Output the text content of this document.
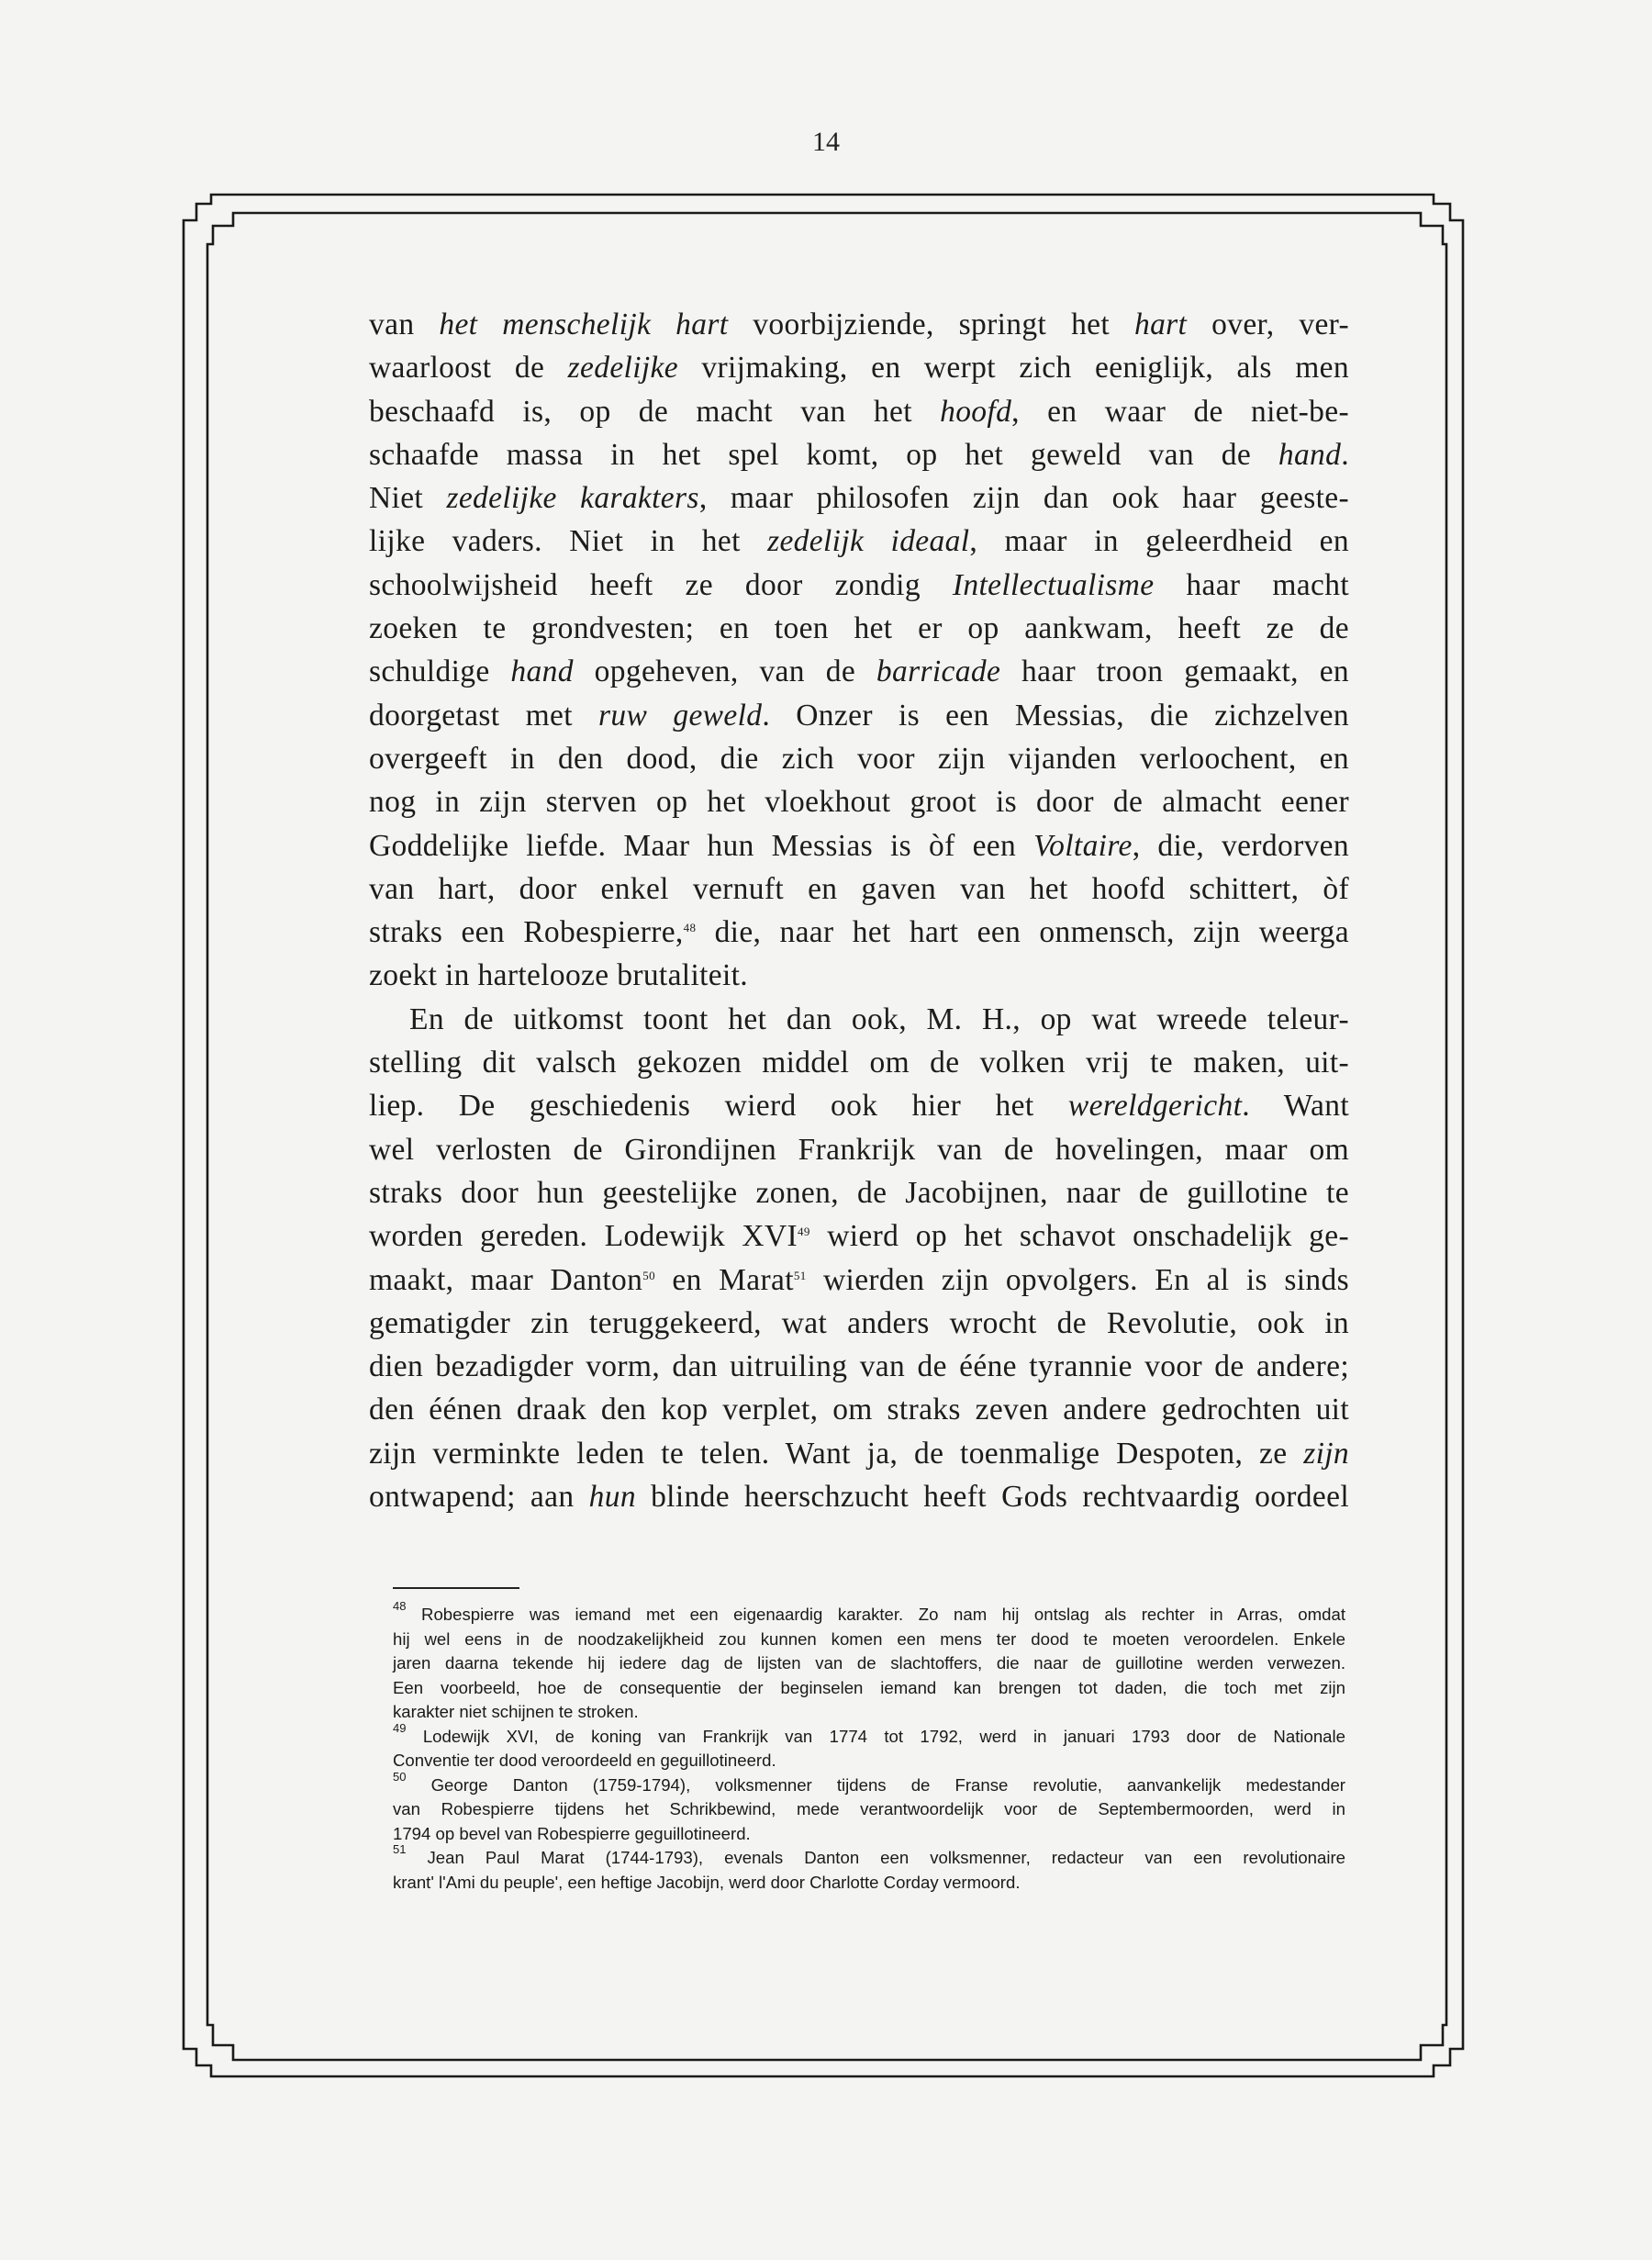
14
van het menschelijk hart voorbijziende, springt het hart over, ver-
waarloost de zedelijke vrijmaking, en werpt zich eeniglijk, als men
beschaafd is, op de macht van het hoofd, en waar de niet-be-
schaafde massa in het spel komt, op het geweld van de hand.
Niet zedelijke karakters, maar philosofen zijn dan ook haar geeste-
lijke vaders. Niet in het zedelijk ideaal, maar in geleerdheid en
schoolwijsheid heeft ze door zondig Intellectualisme haar macht
zoeken te grondvesten; en toen het er op aankwam, heeft ze de
schuldige hand opgeheven, van de barricade haar troon gemaakt, en
doorgetast met ruw geweld. Onzer is een Messias, die zichzelven
overgeeft in den dood, die zich voor zijn vijanden verloochent, en
nog in zijn sterven op het vloekhout groot is door de almacht eener
Goddelijke liefde. Maar hun Messias is òf een Voltaire, die, verdorven
van hart, door enkel vernuft en gaven van het hoofd schittert, òf
straks een Robespierre,$^{48}$ die, naar het hart een onmensch, zijn weerga
zoekt in hartelooze brutaliteit.
En de uitkomst toont het dan ook, M. H., op wat wreede teleur-
stelling dit valsch gekozen middel om de volken vrij te maken, uit-
liep. De geschiedenis wierd ook hier het wereldgericht. Want
wel verlosten de Girondijnen Frankrijk van de hovelingen, maar om
straks door hun geestelijke zonen, de Jacobijnen, naar de guillotine te
worden gereden. Lodewijk XVI$^{49}$ wierd op het schavot onschadelijk ge-
maakt, maar Danton$^{50}$ en Marat$^{51}$ wierden zijn opvolgers. En al is sinds
gematigder zin teruggekeerd, wat anders wrocht de Revolutie, ook in
dien bezadigder vorm, dan uitruiling van de ééne tyrannie voor de andere;
den éénen draak den kop verplet, om straks zeven andere gedrochten uit
zijn verminkte leden te telen. Want ja, de toenmalige Despoten, ze zijn
ontwapend; aan hun blinde heerschzucht heeft Gods rechtvaardig oordeel
$^{48}$ Robespierre was iemand met een eigenaardig karakter. Zo nam hij ontslag als rechter in Arras, omdat
hij wel eens in de noodzakelijkheid zou kunnen komen een mens ter dood te moeten veroordelen. Enkele
jaren daarna tekende hij iedere dag de lijsten van de slachtoffers, die naar de guillotine werden verwezen.
Een voorbeeld, hoe de consequentie der beginselen iemand kan brengen tot daden, die toch met zijn
karakter niet schijnen te stroken.
$^{49}$ Lodewijk XVI, de koning van Frankrijk van 1774 tot 1792, werd in januari 1793 door de Nationale
Conventie ter dood veroordeeld en geguillotineerd.
$^{50}$ George Danton (1759-1794), volksmenner tijdens de Franse revolutie, aanvankelijk medestander
van Robespierre tijdens het Schrikbewind, mede verantwoordelijk voor de Septembermoorden, werd in
1794 op bevel van Robespierre geguillotineerd.
$^{51}$ Jean Paul Marat (1744-1793), evenals Danton een volksmenner, redacteur van een revolutionaire
krant' l'Ami du peuple', een heftige Jacobijn, werd door Charlotte Corday vermoord.
